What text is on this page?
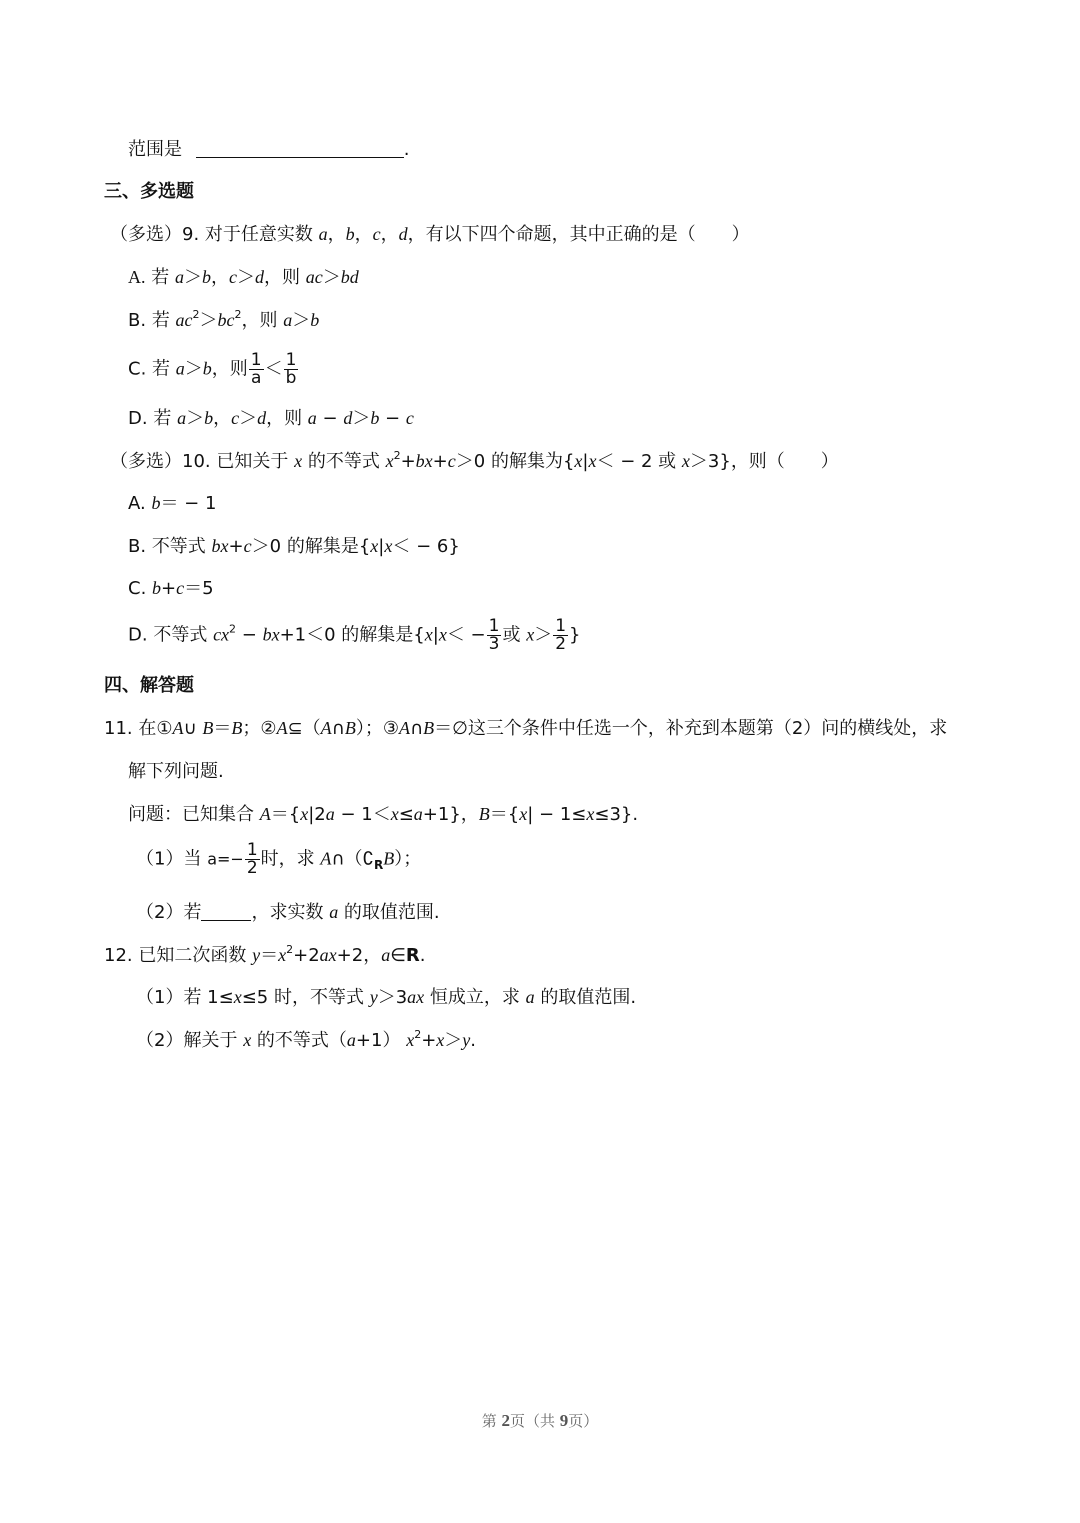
范围是	.
三、多选题
（多选）9. 对于任意实数 a，b，c，d，有以下四个命题，其中正确的是（　　）
A. 若 a＞b，c＞d，则 ac＞bd
B. 若 $ac^2>bc^2$，则 a＞b
C. 若 a＞b，则 $\frac{1}{a} < \frac{1}{b}$
D. 若 a＞b，c＞d，则 a − d＞b − c
（多选）10. 已知关于 x 的不等式 $x^2+bx+c>0$ 的解集为{x|x＜ − 2 或 x＞3}，则（　　）
A. b＝ − 1
B. 不等式 bx+c＞0 的解集是{x|x＜ − 6}
C. b+c＝5
D. 不等式 $cx^2 - bx+1<0$ 的解集是{$x|x< - \frac{1}{3}$ 或 $x> \frac{1}{2}$ }
四、解答题
11. 在①A∪ B＝B；②A⊆（A∩B）；③A∩B＝∅这三个条件中任选一个，补充到本题第（2）问的横线处，求
解下列问题.
问题：已知集合 A＝{x|2a − 1＜x≤a+1}，B＝{x| − 1≤x≤3}.
（1）当 $a=- \frac{1}{2}$ 时，求 $A\cap(∁_RB)$；
（2）若	，求实数 a 的取值范围.
12. 已知二次函数 $y=x^2+2ax+2$，a∈R.
（1）若 1≤x≤5 时，不等式 y＞3ax 恒成立，求 a 的取值范围.
（2）解关于 x 的不等式（a+1） $x^2+x>y$.
第 2页（共 9页）
